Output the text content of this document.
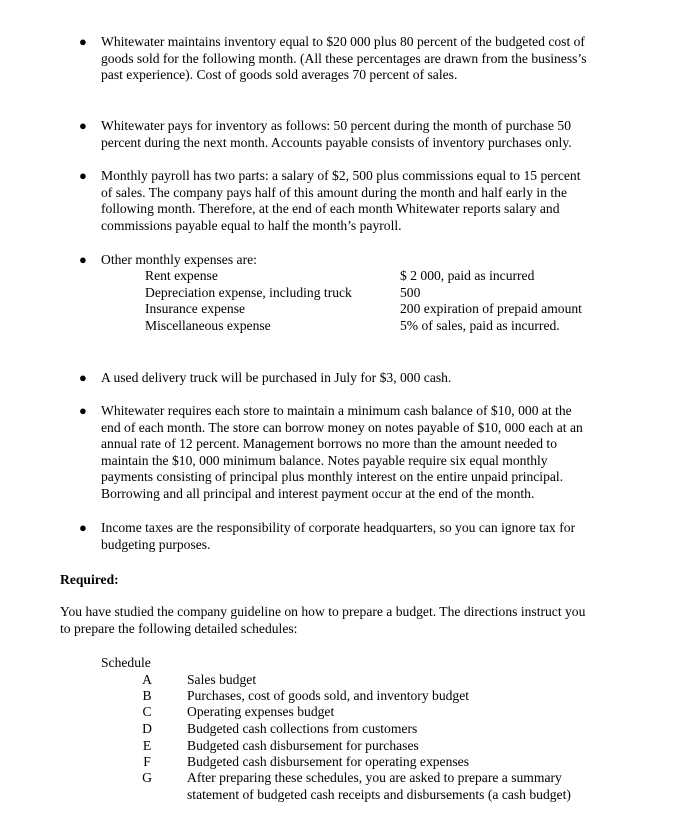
● Whitewater maintains inventory equal to $20 000 plus 80 percent of the budgeted cost of
goods sold for the following month. (All these percentages are drawn from the business’s
past experience). Cost of goods sold averages 70 percent of sales.

● Whitewater pays for inventory as follows: 50 percent during the month of purchase 50
percent during the next month. Accounts payable consists of inventory purchases only.

● Monthly payroll has two parts: a salary of $2, 500 plus commissions equal to 15 percent
of sales. The company pays half of this amount during the month and half early in the
following month. Therefore, at the end of each month Whitewater reports salary and
commissions payable equal to half the month’s payroll.

● Other monthly expenses are:

Rent expense	$ 2 000, paid as incurred
Depreciation expense, including truck	500
Insurance expense	200 expiration of prepaid amount
Miscellaneous expense	5% of sales, paid as incurred.
● A used delivery truck will be purchased in July for $3, 000 cash.

● Whitewater requires each store to maintain a minimum cash balance of $10, 000 at the
end of each month. The store can borrow money on notes payable of $10, 000 each at an
annual rate of 12 percent. Management borrows no more than the amount needed to
maintain the $10, 000 minimum balance. Notes payable require six equal monthly
payments consisting of principal plus monthly interest on the entire unpaid principal.
Borrowing and all principal and interest payment occur at the end of the month.

● Income taxes are the responsibility of corporate headquarters, so you can ignore tax for
budgeting purposes.

Required:

You have studied the company guideline on how to prepare a budget. The directions instruct you
to prepare the following detailed schedules:

Schedule
A	Sales budget
B	Purchases, cost of goods sold, and inventory budget
C	Operating expenses budget
D	Budgeted cash collections from customers
E	Budgeted cash disbursement for purchases
F	Budgeted cash disbursement for operating expenses
G	After preparing these schedules, you are asked to prepare a summary
statement of budgeted cash receipts and disbursements (a cash budget)
